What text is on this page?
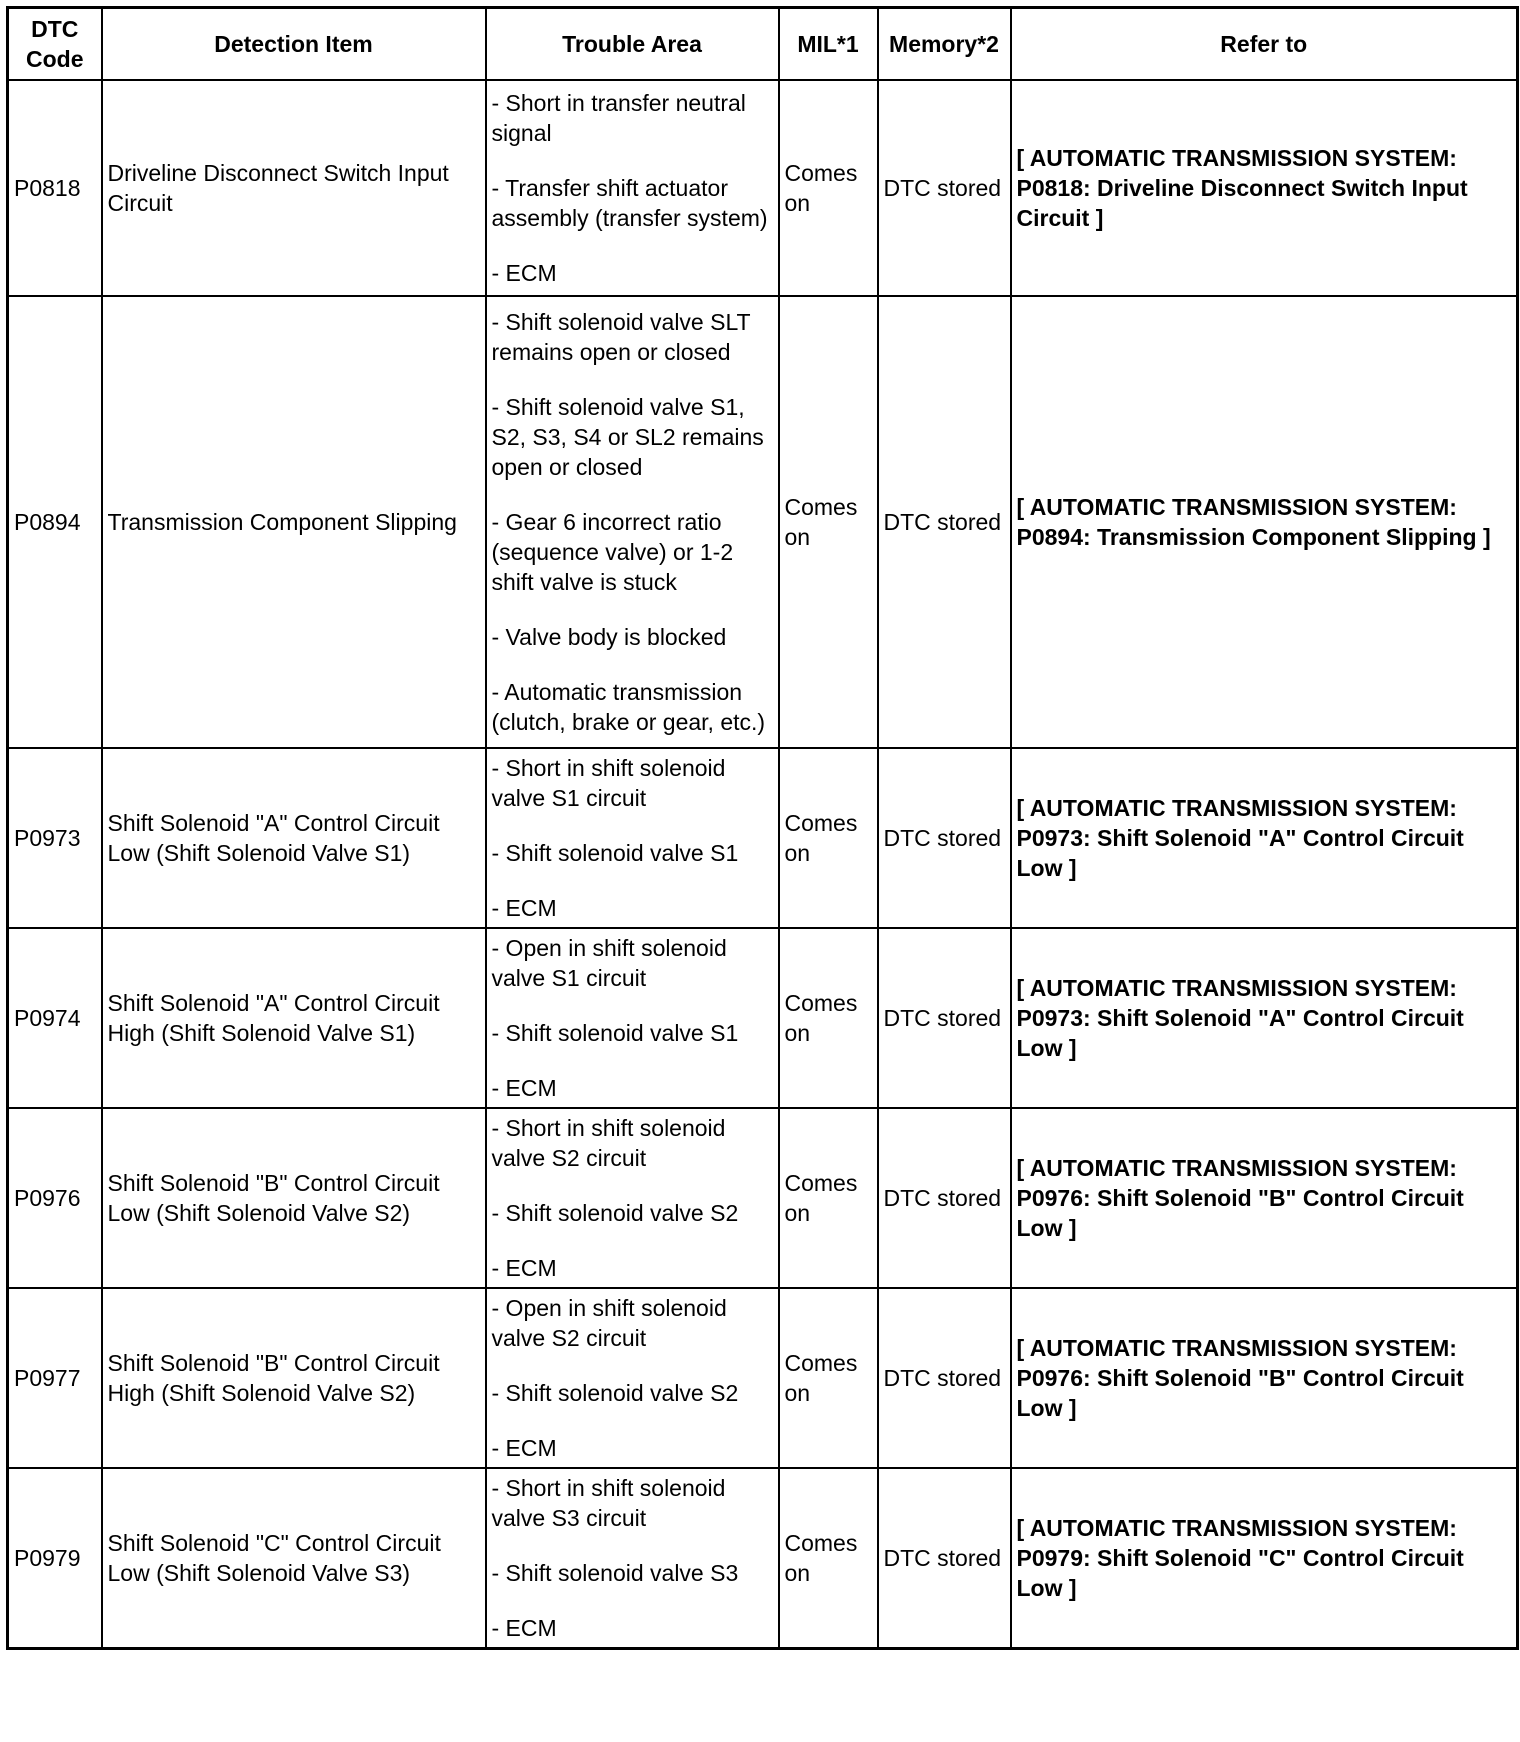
DTC
Code	Detection Item	Trouble Area	MIL*1	Memory*2	Refer to
P0818	Driveline Disconnect Switch Input Circuit	- Short in transfer neutral signal
- Transfer shift actuator assembly (transfer system)
- ECM	Comes on	DTC stored	[ AUTOMATIC TRANSMISSION SYSTEM: P0818: Driveline Disconnect Switch Input Circuit ]
P0894	Transmission Component Slipping	- Shift solenoid valve SLT remains open or closed
- Shift solenoid valve S1, S2, S3, S4 or SL2 remains open or closed
- Gear 6 incorrect ratio (sequence valve) or 1-2 shift valve is stuck
- Valve body is blocked
- Automatic transmission (clutch, brake or gear, etc.)	Comes on	DTC stored	[ AUTOMATIC TRANSMISSION SYSTEM: P0894: Transmission Component Slipping ]
P0973	Shift Solenoid "A" Control Circuit Low (Shift Solenoid Valve S1)	- Short in shift solenoid valve S1 circuit
- Shift solenoid valve S1
- ECM	Comes on	DTC stored	[ AUTOMATIC TRANSMISSION SYSTEM: P0973: Shift Solenoid "A" Control Circuit Low ]
P0974	Shift Solenoid "A" Control Circuit High (Shift Solenoid Valve S1)	- Open in shift solenoid valve S1 circuit
- Shift solenoid valve S1
- ECM	Comes on	DTC stored	[ AUTOMATIC TRANSMISSION SYSTEM: P0973: Shift Solenoid "A" Control Circuit Low ]
P0976	Shift Solenoid "B" Control Circuit Low (Shift Solenoid Valve S2)	- Short in shift solenoid valve S2 circuit
- Shift solenoid valve S2
- ECM	Comes on	DTC stored	[ AUTOMATIC TRANSMISSION SYSTEM: P0976: Shift Solenoid "B" Control Circuit Low ]
P0977	Shift Solenoid "B" Control Circuit High (Shift Solenoid Valve S2)	- Open in shift solenoid valve S2 circuit
- Shift solenoid valve S2
- ECM	Comes on	DTC stored	[ AUTOMATIC TRANSMISSION SYSTEM: P0976: Shift Solenoid "B" Control Circuit Low ]
P0979	Shift Solenoid "C" Control Circuit Low (Shift Solenoid Valve S3)	- Short in shift solenoid valve S3 circuit
- Shift solenoid valve S3
- ECM	Comes on	DTC stored	[ AUTOMATIC TRANSMISSION SYSTEM: P0979: Shift Solenoid "C" Control Circuit Low ]
